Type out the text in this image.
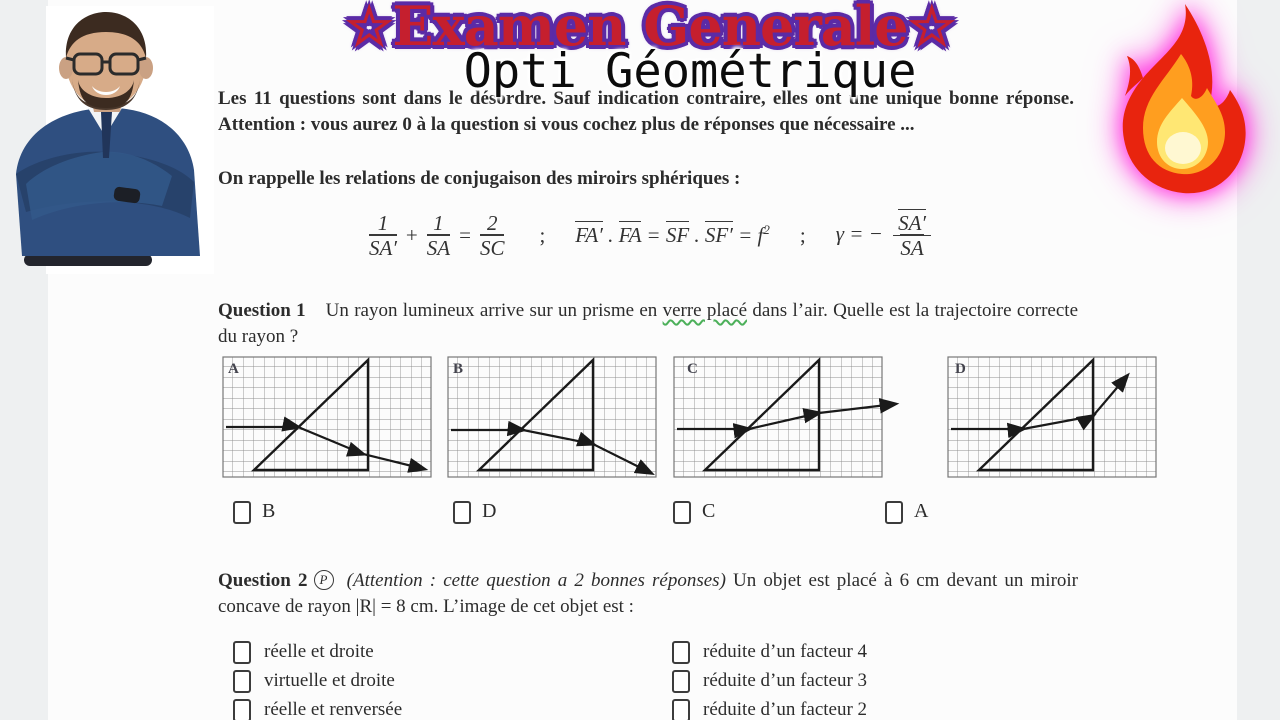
☆Examen Generale☆
Opti Géométrique
Les 11 questions sont dans le désordre. Sauf indication contraire, elles ont une unique bonne réponse. Attention : vous aurez 0 à la question si vous cochez plus de réponses que nécessaire ...
On rappelle les relations de conjugaison des miroirs sphériques :
$\frac{1}{SA'} + \frac{1}{SA} = \frac{2}{SC}$ ; FA′ . FA = SF . $SF' = f^2$ ; γ = − $\frac{SA'}{SA}$
Question 1 Un rayon lumineux arrive sur un prisme en verre placé dans l’air. Quelle est la trajectoire correcte du rayon ?
A	B	C	D
B	D	C	A
Question 2 P (Attention : cette question a 2 bonnes réponses) Un objet est placé à 6 cm devant un miroir concave de rayon |R| = 8 cm. L’image de cet objet est :
réelle et droite
virtuelle et droite
réelle et renversée
réduite d’un facteur 4
réduite d’un facteur 3
réduite d’un facteur 2
